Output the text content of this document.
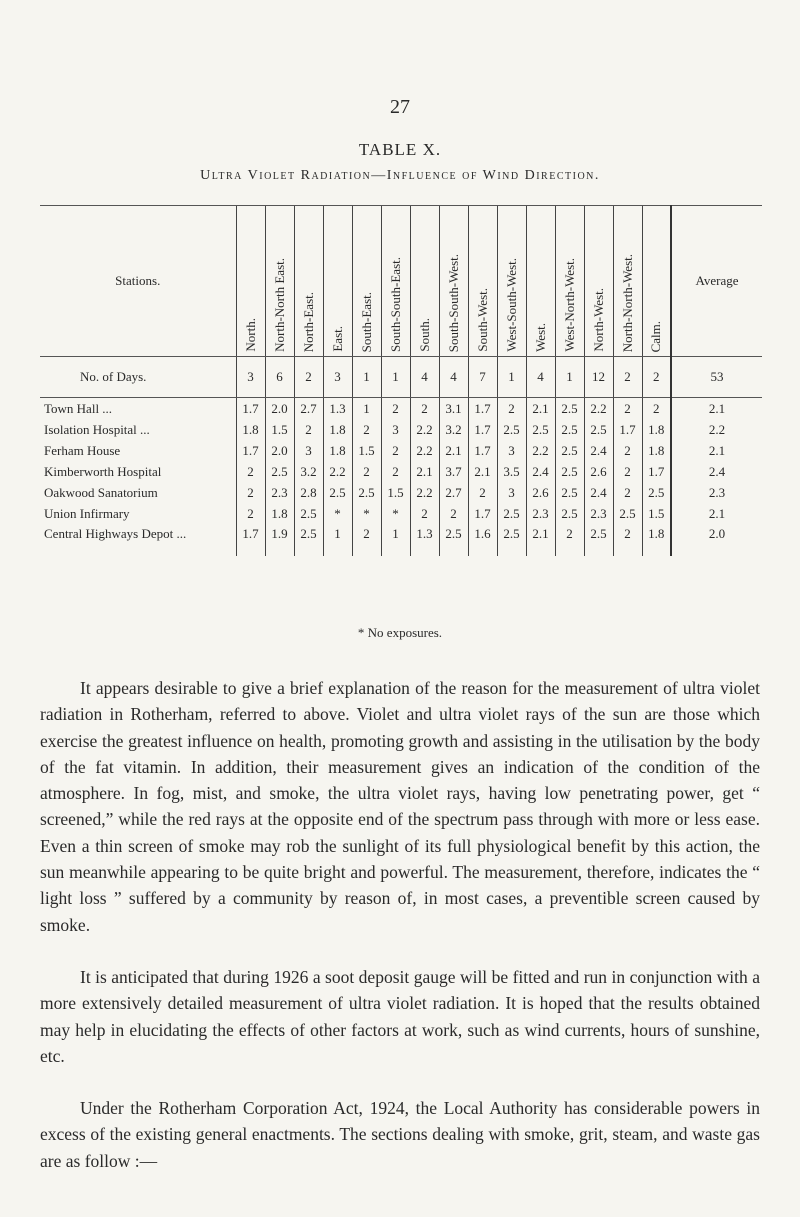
27
TABLE X.
Ultra Violet Radiation—Influence of Wind Direction.
Stations.	North.	North-North East.	North-East.	East.	South-East.	South-South-East.	South.	South-South-West.	South-West.	West-South-West.	West.	West-North-West.	North-West.	North-North-West.	Calm.	Average
No. of Days.	3	6	2	3	1	1	4	4	7	1	4	1	12	2	2	53
Town Hall ...	1.7	2.0	2.7	1.3	1	2	2	3.1	1.7	2	2.1	2.5	2.2	2	2	2.1
Isolation Hospital ...	1.8	1.5	2	1.8	2	3	2.2	3.2	1.7	2.5	2.5	2.5	2.5	1.7	1.8	2.2
Ferham House	1.7	2.0	3	1.8	1.5	2	2.2	2.1	1.7	3	2.2	2.5	2.4	2	1.8	2.1
Kimberworth Hospital	2	2.5	3.2	2.2	2	2	2.1	3.7	2.1	3.5	2.4	2.5	2.6	2	1.7	2.4
Oakwood Sanatorium	2	2.3	2.8	2.5	2.5	1.5	2.2	2.7	2	3	2.6	2.5	2.4	2	2.5	2.3
Union Infirmary	2	1.8	2.5	*	*	*	2	2	1.7	2.5	2.3	2.5	2.3	2.5	1.5	2.1
Central Highways Depot ...	1.7	1.9	2.5	1	2	1	1.3	2.5	1.6	2.5	2.1	2	2.5	2	1.8	2.0
* No exposures.

It appears desirable to give a brief explanation of the reason for the measurement of ultra violet radiation in Rotherham, referred to above. Violet and ultra violet rays of the sun are those which exercise the greatest influence on health, promoting growth and assisting in the utilisation by the body of the fat vitamin. In addition, their measurement gives an indication of the condition of the atmosphere. In fog, mist, and smoke, the ultra violet rays, having low penetrating power, get “ screened,” while the red rays at the opposite end of the spectrum pass through with more or less ease. Even a thin screen of smoke may rob the sunlight of its full physiological benefit by this action, the sun meanwhile appearing to be quite bright and powerful. The measurement, therefore, indicates the “ light loss ” suffered by a community by reason of, in most cases, a preventible screen caused by smoke.

It is anticipated that during 1926 a soot deposit gauge will be fitted and run in conjunction with a more extensively detailed measurement of ultra violet radiation. It is hoped that the results obtained may help in elucidating the effects of other factors at work, such as wind currents, hours of sunshine, etc.

Under the Rotherham Corporation Act, 1924, the Local Authority has considerable powers in excess of the existing general enactments. The sections dealing with smoke, grit, steam, and waste gas are as follow :—
